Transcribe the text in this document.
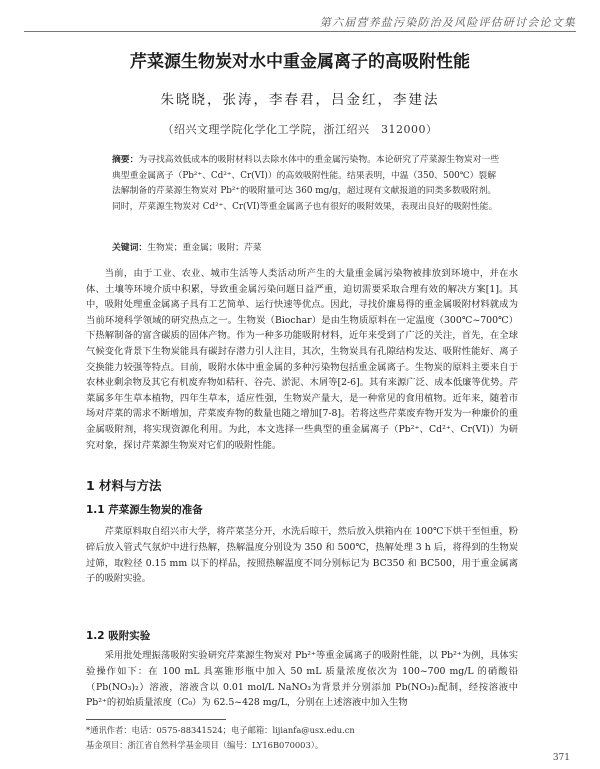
第六届营养盐污染防治及风险评估研讨会论文集
芹菜源生物炭对水中重金属离子的高吸附性能
朱晓晓，张涛，李春君，吕金红，李建法
（绍兴文理学院化学化工学院，浙江绍兴　312000）
摘要：为寻找高效低成本的吸附材料以去除水体中的重金属污染物。本论研究了芹菜源生物炭对一些典型重金属离子（Pb²⁺、Cd²⁺、Cr(VI)）的高效吸附性能。结果表明，中温（350、500℃）裂解法解制备的芹菜源生物炭对 Pb²⁺的吸附量可达 360 mg/g，超过现有文献报道的同类多数吸附剂。同时，芹菜源生物炭对 Cd²⁺、Cr(VI)等重金属离子也有很好的吸附效果，表现出良好的吸附性能。
关键词：生物炭；重金属；吸附；芹菜
当前，由于工业、农业、城市生活等人类活动所产生的大量重金属污染物被排放到环境中，并在水体、土壤等环境介质中积累，导致重金属污染问题日益严重，迫切需要采取合理有效的解决方案[1]。其中，吸附处理重金属离子具有工艺简单、运行快速等优点。因此，寻找价廉易得的重金属吸附材料就成为当前环境科学领域的研究热点之一。生物炭（Biochar）是由生物质原料在一定温度（300℃~700℃）下热解制备的富含碳质的固体产物。作为一种多功能吸附材料，近年来受到了广泛的关注，首先，在全球气候变化背景下生物炭能具有碳封存潜力引人注目，其次，生物炭具有孔隙结构发达、吸附性能好、离子交换能力较强等特点。目前，吸附水体中重金属的多种污染物包括重金属离子。生物炭的原料主要来自于农林业剩余物及其它有机废弃物如秸秆、谷壳、淤泥、木屑等[2-6]。其有来源广泛、成本低廉等优势。芹菜属多年生草本植物，四年生草本，适应性强，生物炭产量大，是一种常见的食用植物。近年来，随着市场对芹菜的需求不断增加，芹菜废弃物的数量也随之增加[7-8]。若将这些芹菜废弃物开发为一种廉价的重金属吸附剂，将实现资源化利用。为此，本文选择一些典型的重金属离子（Pb²⁺、Cd²⁺、Cr(VI)）为研究对象，探讨芹菜源生物炭对它们的吸附性能。
1 材料与方法
1.1 芹菜源生物炭的准备
芹菜原料取自绍兴市大学，将芹菜茎分开，水洗后晾干，然后放入烘箱内在 100℃下烘干至恒重，粉碎后放入管式气氛炉中进行热解，热解温度分别设为 350 和 500℃，热解处理 3 h 后，将得到的生物炭过筛，取粒径 0.15 mm 以下的样品，按照热解温度不同分别标记为 BC350 和 BC500，用于重金属离子的吸附实验。
1.2 吸附实验
采用批处理振荡吸附实验研究芹菜源生物炭对 Pb²⁺等重金属离子的吸附性能，以 Pb²⁺为例，具体实验操作如下：在 100 mL 具塞锥形瓶中加入 50 mL 质量浓度依次为 100~700 mg/L 的硝酸铅（Pb(NO₃)₂）溶液，溶液含以 0.01 mol/L NaNO₃为背景并分别添加 Pb(NO₃)₂配制，经按溶液中 Pb²⁺的初始质量浓度（C₀）为 62.5~428 mg/L，分别在上述溶液中加入生物
*通讯作者：电话：0575-88341524；电子邮箱：lijianfa@usx.edu.cn
基金项目：浙江省自然科学基金项目（编号：LY16B070003）。
371
